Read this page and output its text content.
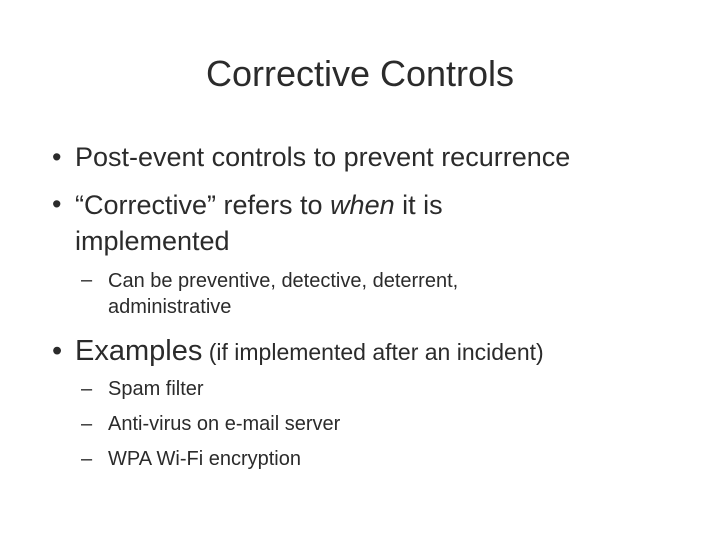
Corrective Controls
• Post-event controls to prevent recurrence
• “Corrective” refers to when it is
implemented
– Can be preventive, detective, deterrent,
administrative
• Examples (if implemented after an incident)
– Spam filter
– Anti-virus on e-mail server
– WPA Wi-Fi encryption
